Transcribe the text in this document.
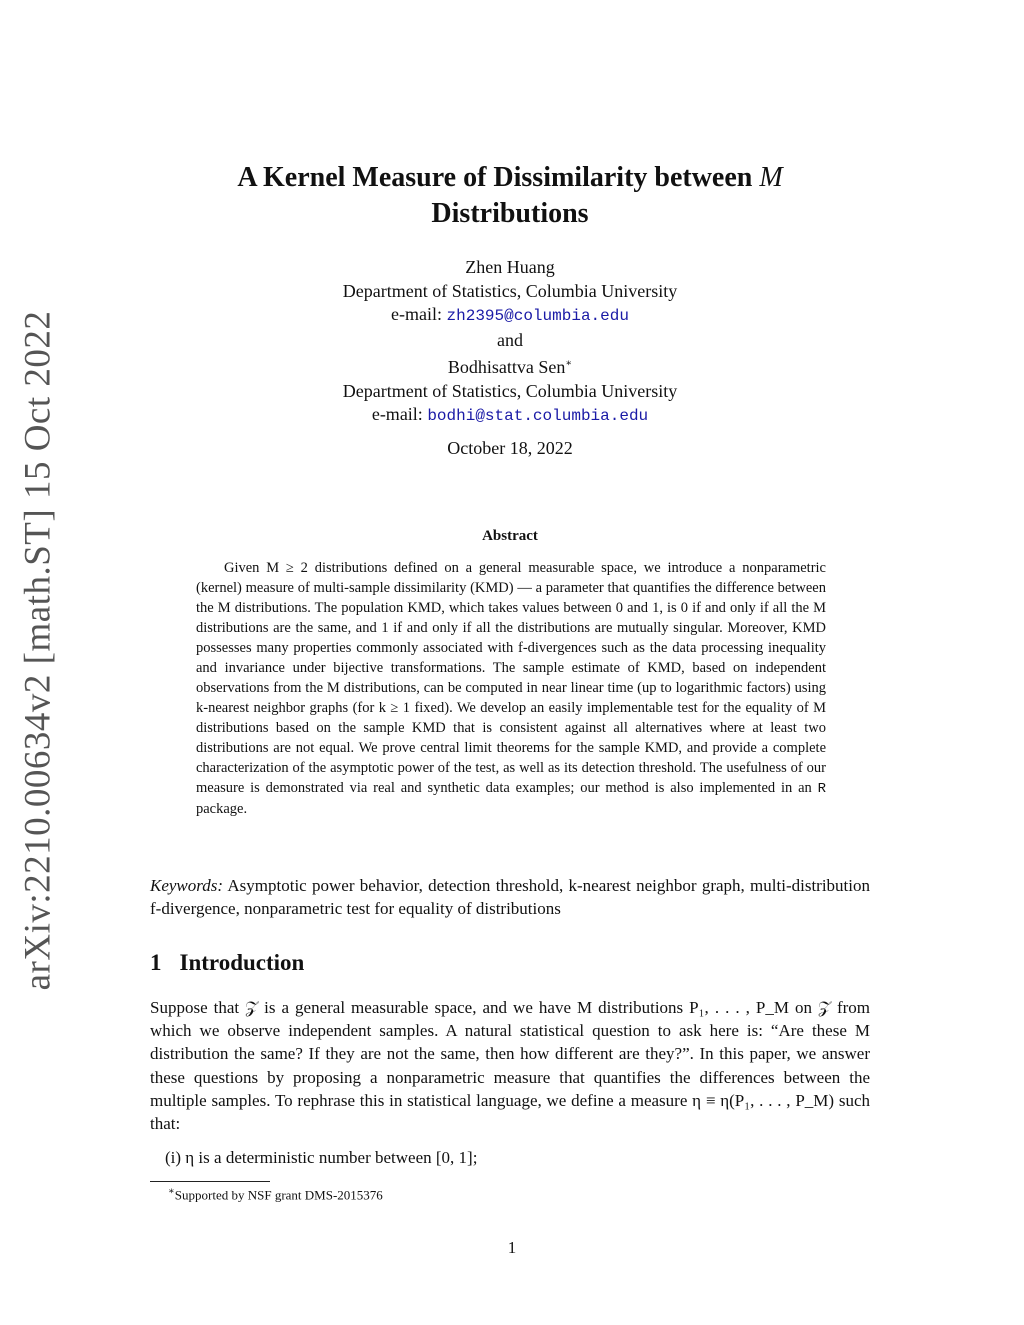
arXiv:2210.00634v2 [math.ST] 15 Oct 2022
A Kernel Measure of Dissimilarity between M
Distributions
Zhen Huang
Department of Statistics, Columbia University
e-mail: zh2395@columbia.edu
and
Bodhisattva Sen∗
Department of Statistics, Columbia University
e-mail: bodhi@stat.columbia.edu
October 18, 2022
Abstract
Given M ≥ 2 distributions defined on a general measurable space, we introduce a nonparametric (kernel) measure of multi-sample dissimilarity (KMD) — a parameter that quantifies the difference between the M distributions. The population KMD, which takes values between 0 and 1, is 0 if and only if all the M distributions are the same, and 1 if and only if all the distributions are mutually singular. Moreover, KMD possesses many properties commonly associated with f-divergences such as the data processing inequality and invariance under bijective transformations. The sample estimate of KMD, based on independent observations from the M distributions, can be computed in near linear time (up to logarithmic factors) using k-nearest neighbor graphs (for k ≥ 1 fixed). We develop an easily implementable test for the equality of M distributions based on the sample KMD that is consistent against all alternatives where at least two distributions are not equal. We prove central limit theorems for the sample KMD, and provide a complete characterization of the asymptotic power of the test, as well as its detection threshold. The usefulness of our measure is demonstrated via real and synthetic data examples; our method is also implemented in an R package.
Keywords: Asymptotic power behavior, detection threshold, k-nearest neighbor graph, multi-distribution f-divergence, nonparametric test for equality of distributions
1 Introduction
Suppose that 𝒵 is a general measurable space, and we have M distributions P₁, . . . , P_M on 𝒵 from which we observe independent samples. A natural statistical question to ask here is: “Are these M distribution the same? If they are not the same, then how different are they?”. In this paper, we answer these questions by proposing a nonparametric measure that quantifies the differences between the multiple samples. To rephrase this in statistical language, we define a measure η ≡ η(P₁, . . . , P_M) such that:
(i) η is a deterministic number between [0, 1];
∗Supported by NSF grant DMS-2015376
1
